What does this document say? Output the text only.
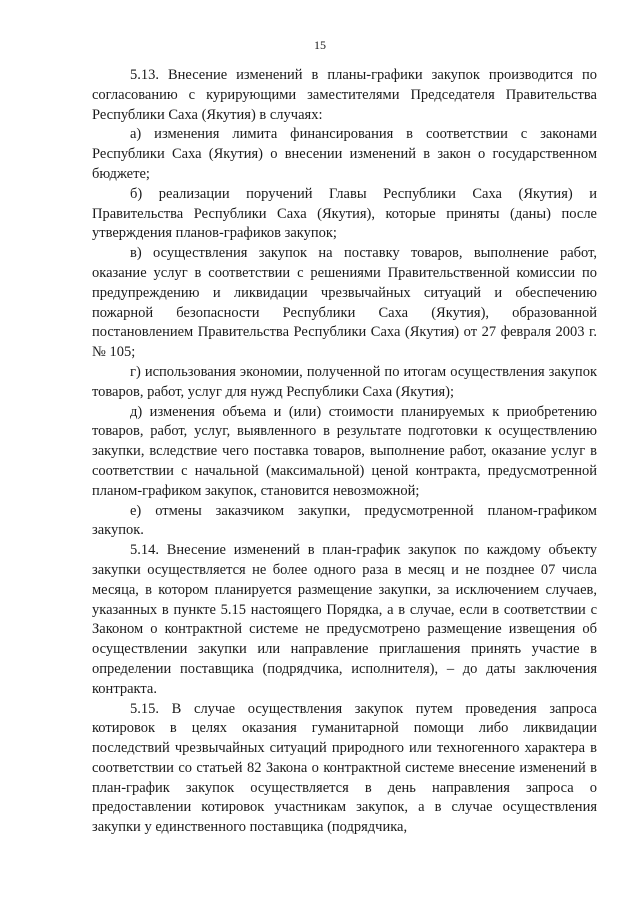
15

5.13. Внесение изменений в планы-графики закупок производится по согласованию с курирующими заместителями Председателя Правительства Республики Саха (Якутия) в случаях:

а) изменения лимита финансирования в соответствии с законами Республики Саха (Якутия) о внесении изменений в закон о государственном бюджете;

б) реализации поручений Главы Республики Саха (Якутия) и Правительства Республики Саха (Якутия), которые приняты (даны) после утверждения планов-графиков закупок;

в) осуществления закупок на поставку товаров, выполнение работ, оказание услуг в соответствии с решениями Правительственной комиссии по предупреждению и ликвидации чрезвычайных ситуаций и обеспечению пожарной безопасности Республики Саха (Якутия), образованной постановлением Правительства Республики Саха (Якутия) от 27 февраля 2003 г. № 105;

г) использования экономии, полученной по итогам осуществления закупок товаров, работ, услуг для нужд Республики Саха (Якутия);

д) изменения объема и (или) стоимости планируемых к приобретению товаров, работ, услуг, выявленного в результате подготовки к осуществлению закупки, вследствие чего поставка товаров, выполнение работ, оказание услуг в соответствии с начальной (максимальной) ценой контракта, предусмотренной планом-графиком закупок, становится невозможной;

е) отмены заказчиком закупки, предусмотренной планом-графиком закупок.

5.14. Внесение изменений в план-график закупок по каждому объекту закупки осуществляется не более одного раза в месяц и не позднее 07 числа месяца, в котором планируется размещение закупки, за исключением случаев, указанных в пункте 5.15 настоящего Порядка, а в случае, если в соответствии с Законом о контрактной системе не предусмотрено размещение извещения об осуществлении закупки или направление приглашения принять участие в определении поставщика (подрядчика, исполнителя), – до даты заключения контракта.

5.15. В случае осуществления закупок путем проведения запроса котировок в целях оказания гуманитарной помощи либо ликвидации последствий чрезвычайных ситуаций природного или техногенного характера в соответствии со статьей 82 Закона о контрактной системе внесение изменений в план-график закупок осуществляется в день направления запроса о предоставлении котировок участникам закупок, а в случае осуществления закупки у единственного поставщика (подрядчика,
